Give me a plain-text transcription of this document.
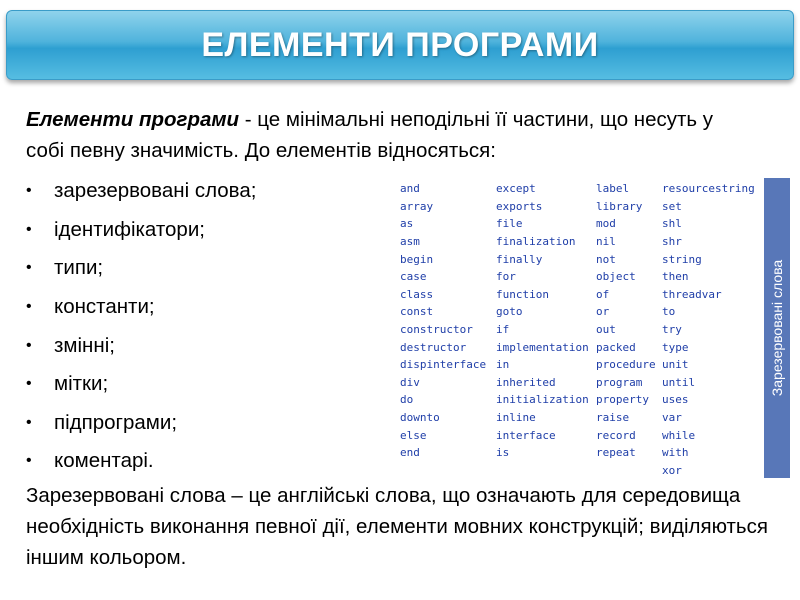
ЕЛЕМЕНТИ ПРОГРАМИ

Елементи програми - це мінімальні неподільні її частини, що несуть у собі певну значимість. До елементів відносяться:

•	зарезервовані слова;
•	ідентифікатори;
•	типи;
•	константи;
•	змінні;
•	мітки;
•	підпрограми;
•	коментарі.
and	except	label	resourcestring
array	exports	library	set
as	file	mod	shl
asm	finalization	nil	shr
begin	finally	not	string
case	for	object	then
class	function	of	threadvar
const	goto	or	to
constructor	if	out	try
destructor	implementation	packed	type
dispinterface	in	procedure	unit
div	inherited	program	until
do	initialization	property	uses
downto	inline	raise	var
else	interface	record	while
end	is	repeat	with
			xor
Зарезервовані слова

Зарезервовані слова – це англійські слова, що означають для середовища необхідність виконання певної дії, елементи мовних конструкцій; виділяються іншим кольором.
